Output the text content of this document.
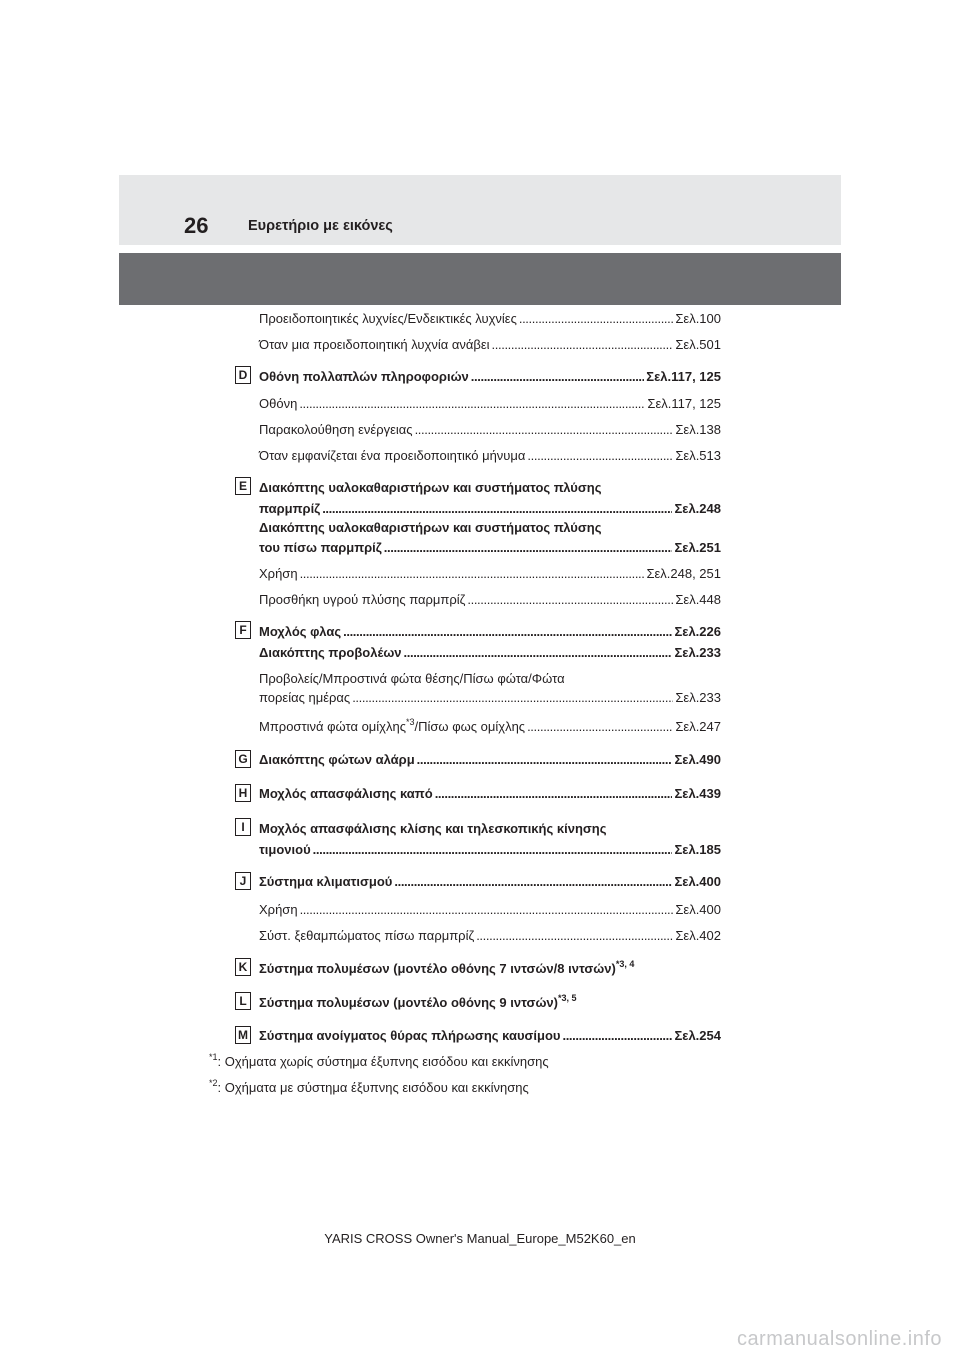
26	Ευρετήριο με εικόνες
Προειδοποιητικές λυχνίες/Ενδεικτικές λυχνίες . . .	Σελ.100
Όταν μια προειδοποιητική λυχνία ανάβει . . .	Σελ.501
D Οθόνη πολλαπλών πληροφοριών . . .	Σελ.117, 125
Οθόνη . . .	Σελ.117, 125
Παρακολούθηση ενέργειας . . .	Σελ.138
Όταν εμφανίζεται ένα προειδοποιητικό μήνυμα . . .	Σελ.513
E Διακόπτης υαλοκαθαριστήρων και συστήματος πλύσης
παρμπρίζ . . .	Σελ.248
Διακόπτης υαλοκαθαριστήρων και συστήματος πλύσης
του πίσω παρμπρίζ . . .	Σελ.251
Χρήση . . .	Σελ.248, 251
Προσθήκη υγρού πλύσης παρμπρίζ . . .	Σελ.448
F Μοχλός φλας . . .	Σελ.226
Διακόπτης προβολέων . . .	Σελ.233
Προβολείς/Μπροστινά φώτα θέσης/Πίσω φώτα/Φώτα
πορείας ημέρας . . .	Σελ.233
Μπροστινά φώτα ομίχλης$^{*3}$/Πίσω φως ομίχλης . . .	Σελ.247
G Διακόπτης φώτων αλάρμ . . .	Σελ.490
H Μοχλός απασφάλισης καπό . . .	Σελ.439
I	Μοχλός απασφάλισης κλίσης και τηλεσκοπικής κίνησης
τιμονιού . . .	Σελ.185
J Σύστημα κλιματισμού . . .	Σελ.400
Χρήση . . .	Σελ.400
Σύστ. ξεθαμπώματος πίσω παρμπρίζ . . .	Σελ.402
K Σύστημα πολυμέσων (μοντέλο οθόνης 7 ιντσών/8 ιντσών)$^{*3, 4}$
L Σύστημα πολυμέσων (μοντέλο οθόνης 9 ιντσών)$^{*3, 5}$
M Σύστημα ανοίγματος θύρας πλήρωσης καυσίμου . . .	Σελ.254
$^{*1}$: Οχήματα χωρίς σύστημα έξυπνης εισόδου και εκκίνησης
$^{*2}$: Οχήματα με σύστημα έξυπνης εισόδου και εκκίνησης
YARIS CROSS Owner's Manual_Europe_M52K60_en
carmanualsonline.info
